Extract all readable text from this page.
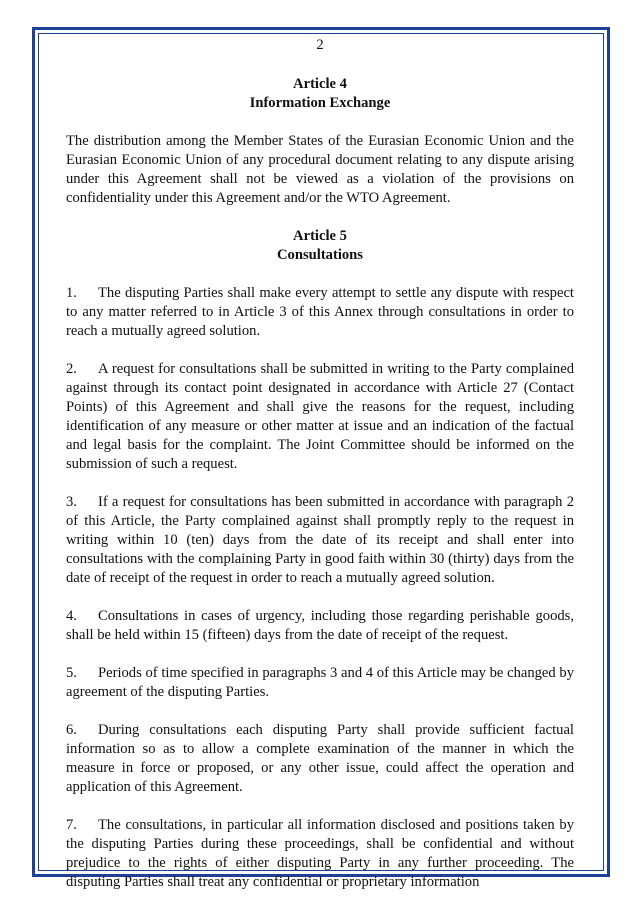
2
Article 4
Information Exchange

The distribution among the Member States of the Eurasian Economic Union and the Eurasian Economic Union of any procedural document relating to any dispute arising under this Agreement shall not be viewed as a violation of the provisions on confidentiality under this Agreement and/or the WTO Agreement.

Article 5
Consultations

1. The disputing Parties shall make every attempt to settle any dispute with respect to any matter referred to in Article 3 of this Annex through consultations in order to reach a mutually agreed solution.

2. A request for consultations shall be submitted in writing to the Party complained against through its contact point designated in accordance with Article 27 (Contact Points) of this Agreement and shall give the reasons for the request, including identification of any measure or other matter at issue and an indication of the factual and legal basis for the complaint. The Joint Committee should be informed on the submission of such a request.

3. If a request for consultations has been submitted in accordance with paragraph 2 of this Article, the Party complained against shall promptly reply to the request in writing within 10 (ten) days from the date of its receipt and shall enter into consultations with the complaining Party in good faith within 30 (thirty) days from the date of receipt of the request in order to reach a mutually agreed solution.

4. Consultations in cases of urgency, including those regarding perishable goods, shall be held within 15 (fifteen) days from the date of receipt of the request.

5. Periods of time specified in paragraphs 3 and 4 of this Article may be changed by agreement of the disputing Parties.

6. During consultations each disputing Party shall provide sufficient factual information so as to allow a complete examination of the manner in which the measure in force or proposed, or any other issue, could affect the operation and application of this Agreement.

7. The consultations, in particular all information disclosed and positions taken by the disputing Parties during these proceedings, shall be confidential and without prejudice to the rights of either disputing Party in any further proceeding. The disputing Parties shall treat any confidential or proprietary information
